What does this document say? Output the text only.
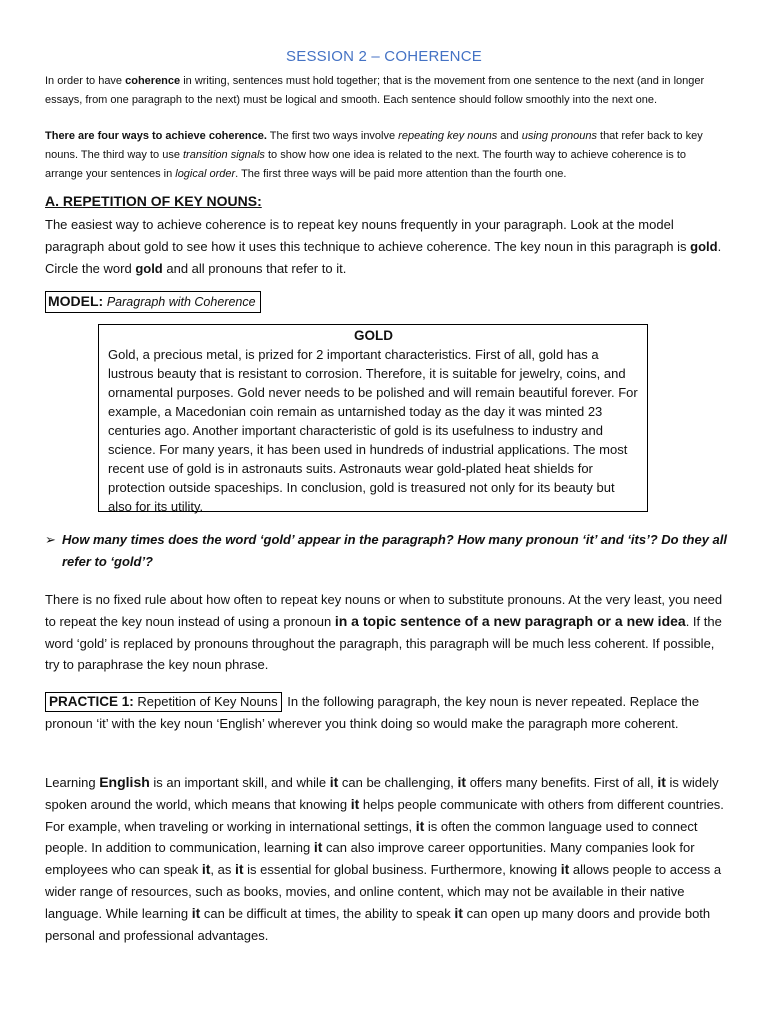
SESSION 2 – COHERENCE

In order to have coherence in writing, sentences must hold together; that is the movement from one sentence to the next (and in longer essays, from one paragraph to the next) must be logical and smooth. Each sentence should follow smoothly into the next one.

There are four ways to achieve coherence. The first two ways involve repeating key nouns and using pronouns that refer back to key nouns. The third way to use transition signals to show how one idea is related to the next. The fourth way to achieve coherence is to arrange your sentences in logical order. The first three ways will be paid more attention than the fourth one.

A. REPETITION OF KEY NOUNS:

The easiest way to achieve coherence is to repeat key nouns frequently in your paragraph. Look at the model paragraph about gold to see how it uses this technique to achieve coherence. The key noun in this paragraph is gold. Circle the word gold and all pronouns that refer to it.

MODEL: Paragraph with Coherence
GOLD
Gold, a precious metal, is prized for 2 important characteristics. First of all, gold has a lustrous beauty that is resistant to corrosion. Therefore, it is suitable for jewelry, coins, and ornamental purposes. Gold never needs to be polished and will remain beautiful forever. For example, a Macedonian coin remain as untarnished today as the day it was minted 23 centuries ago. Another important characteristic of gold is its usefulness to industry and science. For many years, it has been used in hundreds of industrial applications. The most recent use of gold is in astronauts suits. Astronauts wear gold-plated heat shields for protection outside spaceships. In conclusion, gold is treasured not only for its beauty but also for its utility.
➢ How many times does the word ‘gold’ appear in the paragraph? How many pronoun ‘it’ and ‘its’? Do they all refer to ‘gold’?

There is no fixed rule about how often to repeat key nouns or when to substitute pronouns. At the very least, you need to repeat the key noun instead of using a pronoun in a topic sentence of a new paragraph or a new idea. If the word ‘gold’ is replaced by pronouns throughout the paragraph, this paragraph will be much less coherent. If possible, try to paraphrase the key noun phrase.

PRACTICE 1: Repetition of Key Nouns In the following paragraph, the key noun is never repeated. Replace the pronoun ‘it’ with the key noun ‘English’ wherever you think doing so would make the paragraph more coherent.

Learning English is an important skill, and while it can be challenging, it offers many benefits. First of all, it is widely spoken around the world, which means that knowing it helps people communicate with others from different countries. For example, when traveling or working in international settings, it is often the common language used to connect people. In addition to communication, learning it can also improve career opportunities. Many companies look for employees who can speak it, as it is essential for global business. Furthermore, knowing it allows people to access a wider range of resources, such as books, movies, and online content, which may not be available in their native language. While learning it can be difficult at times, the ability to speak it can open up many doors and provide both personal and professional advantages.
